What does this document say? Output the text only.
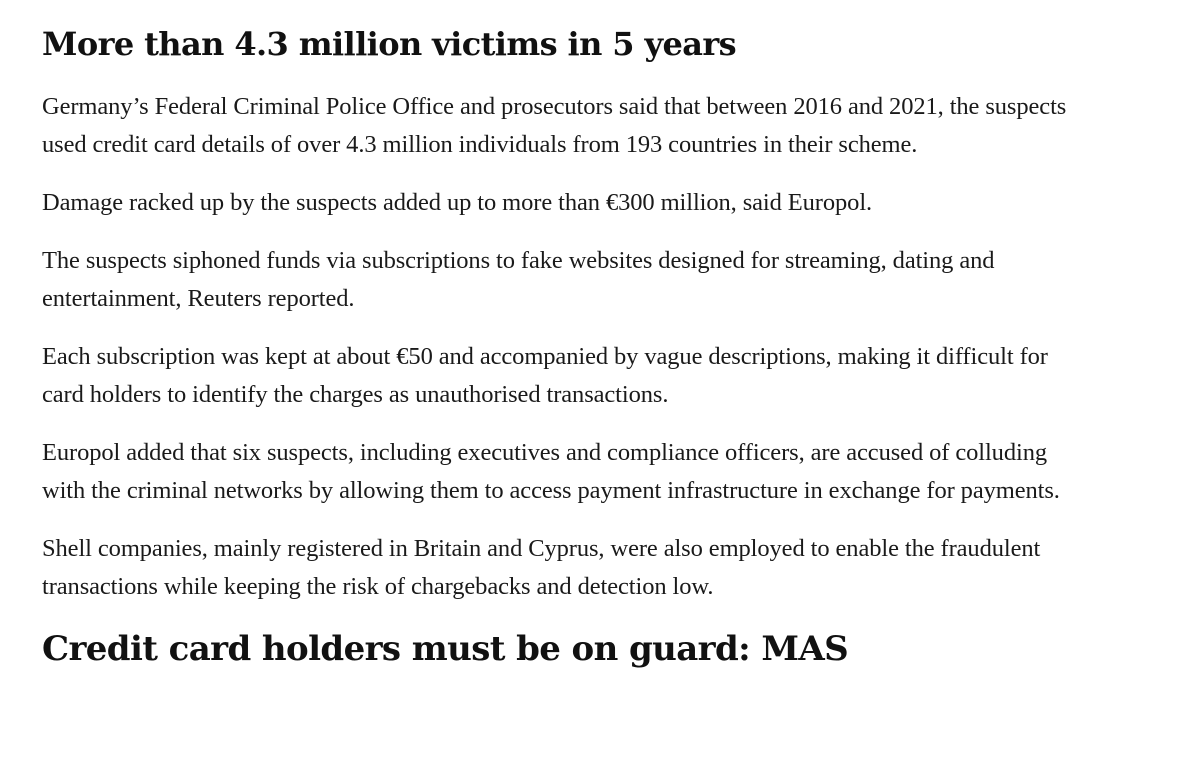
More than 4.3 million victims in 5 years

Germany’s Federal Criminal Police Office and prosecutors said that between 2016 and 2021, the suspects used credit card details of over 4.3 million individuals from 193 countries in their scheme.

Damage racked up by the suspects added up to more than €300 million, said Europol.

The suspects siphoned funds via subscriptions to fake websites designed for streaming, dating and entertainment, Reuters reported.

Each subscription was kept at about €50 and accompanied by vague descriptions, making it difficult for card holders to identify the charges as unauthorised transactions.

Europol added that six suspects, including executives and compliance officers, are accused of colluding with the criminal networks by allowing them to access payment infrastructure in exchange for payments.

Shell companies, mainly registered in Britain and Cyprus, were also employed to enable the fraudulent transactions while keeping the risk of chargebacks and detection low.

Credit card holders must be on guard: MAS
